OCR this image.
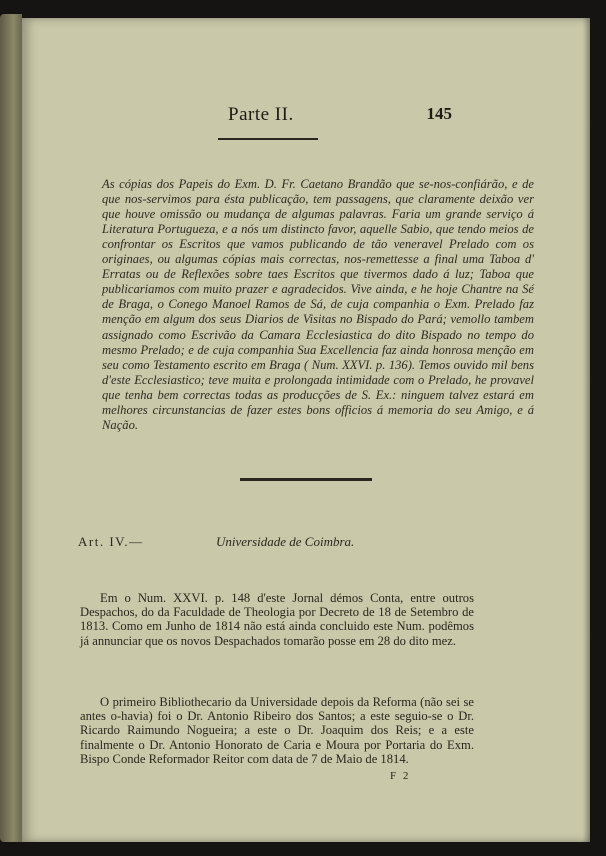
Parte II.	145

As cópias dos Papeis do Exm. D. Fr. Caetano Brandão que se-nos-confiárão, e de que nos-servimos para ésta publicação, tem passagens, que claramente deixão ver que houve omissão ou mudança de algumas palavras. Faria um grande serviço á Literatura Portugueza, e a nós um distincto favor, aquelle Sabio, que tendo meios de confrontar os Escritos que vamos publicando de tão veneravel Prelado com os originaes, ou algumas cópias mais correctas, nos-remettesse a final uma Taboa d' Erratas ou de Reflexões sobre taes Escritos que tivermos dado á luz; Taboa que publicariamos com muito prazer e agradecidos. Vive ainda, e he hoje Chantre na Sé de Braga, o Conego Manoel Ramos de Sá, de cuja companhia o Exm. Prelado faz menção em algum dos seus Diarios de Visitas no Bispado do Pará; vemollo tambem assignado como Escrivão da Camara Ecclesiastica do dito Bispado no tempo do mesmo Prelado; e de cuja companhia Sua Excellencia faz ainda honrosa menção em seu como Testamento escrito em Braga ( Num. XXVI. p. 136). Temos ouvido mil bens d'este Ecclesiastico; teve muita e prolongada intimidade com o Prelado, he provavel que tenha bem correctas todas as producções de S. Ex.: ninguem talvez estará em melhores circunstancias de fazer estes bons officios á memoria do seu Amigo, e á Nação.

Art. IV.—	Universidade de Coimbra.

Em o Num. XXVI. p. 148 d'este Jornal démos Conta, entre outros Despachos, do da Faculdade de Theologia por Decreto de 18 de Setembro de 1813. Como em Junho de 1814 não está ainda concluido este Num. podêmos já annunciar que os novos Despachados tomarão posse em 28 do dito mez.

O primeiro Bibliothecario da Universidade depois da Reforma (não sei se antes o-havia) foi o Dr. Antonio Ribeiro dos Santos; a este seguio-se o Dr. Ricardo Raimundo Nogueira; a este o Dr. Joaquim dos Reis; e a este finalmente o Dr. Antonio Honorato de Caria e Moura por Portaria do Exm. Bispo Conde Reformador Reitor com data de 7 de Maio de 1814.

F 2
